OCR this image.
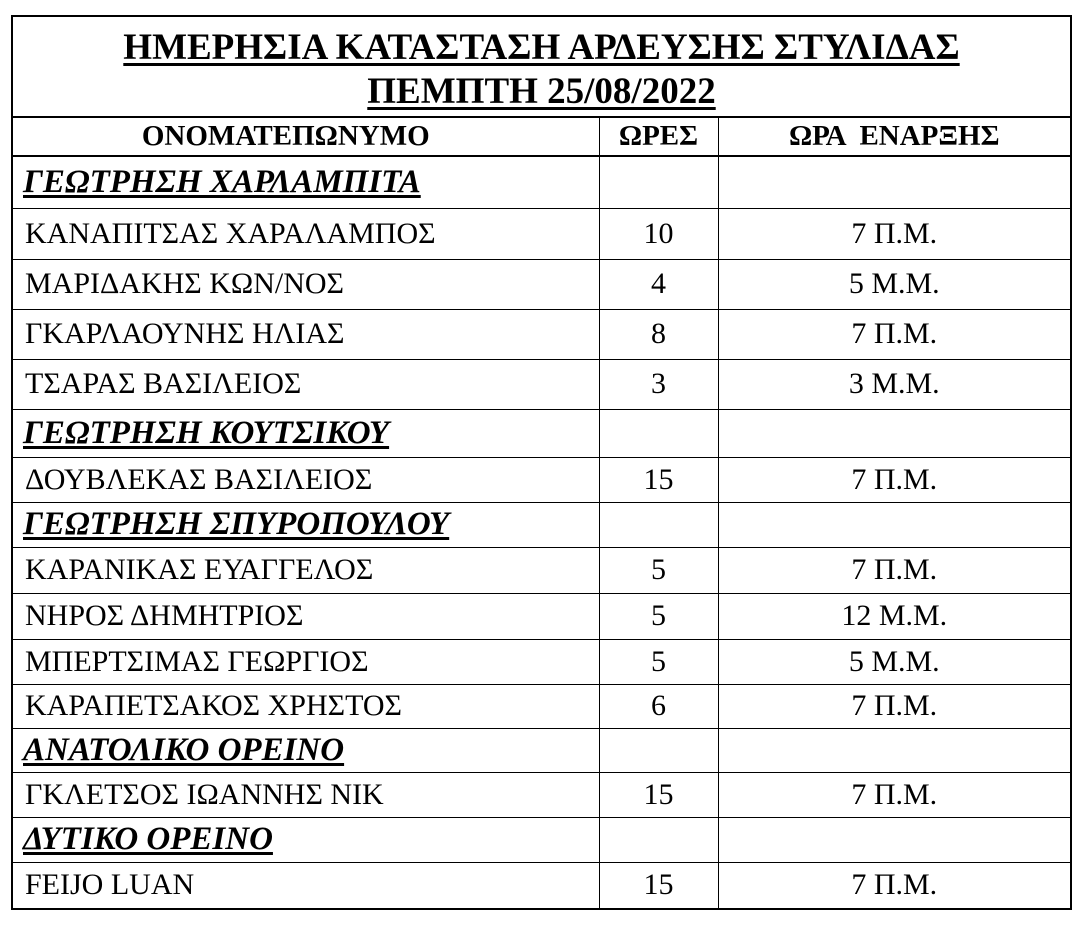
ΗΜΕΡΗΣΙΑ ΚΑΤΑΣΤΑΣΗ ΑΡΔΕΥΣΗΣ ΣΤΥΛΙΔΑΣ
ΠΕΜΠΤΗ 25/08/2022
ΟΝΟΜΑΤΕΠΩΝΥΜΟ	ΩΡΕΣ	ΩΡΑ  ΕΝΑΡΞΗΣ
ΓΕΩΤΡΗΣΗ ΧΑΡΛΑΜΠΙΤΑ		
ΚΑΝΑΠΙΤΣΑΣ ΧΑΡΑΛΑΜΠΟΣ	10	7 Π.Μ.
ΜΑΡΙΔΑΚΗΣ ΚΩΝ/ΝΟΣ	4	5 Μ.Μ.
ΓΚΑΡΛΑΟΥΝΗΣ ΗΛΙΑΣ	8	7 Π.Μ.
ΤΣΑΡΑΣ ΒΑΣΙΛΕΙΟΣ	3	3 Μ.Μ.
ΓΕΩΤΡΗΣΗ ΚΟΥΤΣΙΚΟΥ		
ΔΟΥΒΛΕΚΑΣ ΒΑΣΙΛΕΙΟΣ	15	7 Π.Μ.
ΓΕΩΤΡΗΣΗ ΣΠΥΡΟΠΟΥΛΟΥ		
ΚΑΡΑΝΙΚΑΣ ΕΥΑΓΓΕΛΟΣ	5	7 Π.Μ.
ΝΗΡΟΣ ΔΗΜΗΤΡΙΟΣ	5	12 Μ.Μ.
ΜΠΕΡΤΣΙΜΑΣ ΓΕΩΡΓΙΟΣ	5	5 Μ.Μ.
ΚΑΡΑΠΕΤΣΑΚΟΣ ΧΡΗΣΤΟΣ	6	7 Π.Μ.
ΑΝΑΤΟΛΙΚΟ ΟΡΕΙΝΟ		
ΓΚΛΕΤΣΟΣ ΙΩΑΝΝΗΣ ΝΙΚ	15	7 Π.Μ.
ΔΥΤΙΚΟ ΟΡΕΙΝΟ		
FEIJO LUAN	15	7 Π.Μ.
